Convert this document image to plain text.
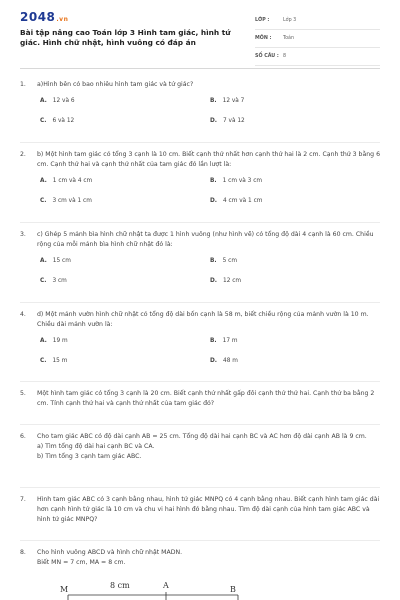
2048.vn
Bài tập nâng cao Toán lớp 3 Hình tam giác, hình tứ giác. Hình chữ nhật, hình vuông có đáp án
LỚP :	Lớp 3
MÔN : Toán
SỐ CÂU : 8
1. a)Hình bên có bao nhiêu hình tam giác và tứ giác?
A. 12 và 6	B. 12 và 7
C. 6 và 12	D. 7 và 12
2. b) Một hình tam giác có tổng 3 cạnh là 10 cm. Biết cạnh thứ nhất hơn cạnh thứ hai là 2 cm. Cạnh thứ 3 bằng 6 cm. Cạnh thứ hai và cạnh thứ nhất của tam giác đó lần lượt là:
A. 1 cm và 4 cm	B. 1 cm và 3 cm
C. 3 cm và 1 cm	D. 4 cm và 1 cm
3. c) Ghép 5 mảnh bìa hình chữ nhật ta được 1 hình vuông (như hình vẽ) có tổng độ dài 4 cạnh là 60 cm. Chiều rộng của mỗi mảnh bìa hình chữ nhật đó là:
A. 15 cm	B. 5 cm
C. 3 cm	D. 12 cm
4. d) Một mảnh vườn hình chữ nhật có tổng độ dài bốn cạnh là 58 m, biết chiều rộng của mảnh vườn là 10 m. Chiều dài mảnh vườn là:
A. 19 m	B. 17 m
C. 15 m	D. 48 m
5. Một hình tam giác có tổng 3 cạnh là 20 cm. Biết cạnh thứ nhất gấp đôi cạnh thứ thứ hai. Cạnh thứ ba bằng 2 cm. Tính cạnh thứ hai và cạnh thứ nhất của tam giác đó?
6. Cho tam giác ABC có độ dài cạnh AB = 25 cm. Tổng độ dài hai cạnh BC và AC hơn độ dài cạnh AB là 9 cm.
a) Tìm tổng độ dài hai cạnh BC và CA.
b) Tìm tổng 3 cạnh tam giác ABC.
7. Hình tam giác ABC có 3 cạnh bằng nhau, hình tứ giác MNPQ có 4 cạnh bằng nhau. Biết cạnh hình tam giác dài hơn cạnh hình tứ giác là 10 cm và chu vi hai hình đó bằng nhau. Tìm độ dài cạnh của hình tam giác ABC và hình tứ giác MNPQ?
8. Cho hình vuông ABCD và hình chữ nhật MADN.
Biết MN = 7 cm, MA = 8 cm.
M	8 cm	A	B
